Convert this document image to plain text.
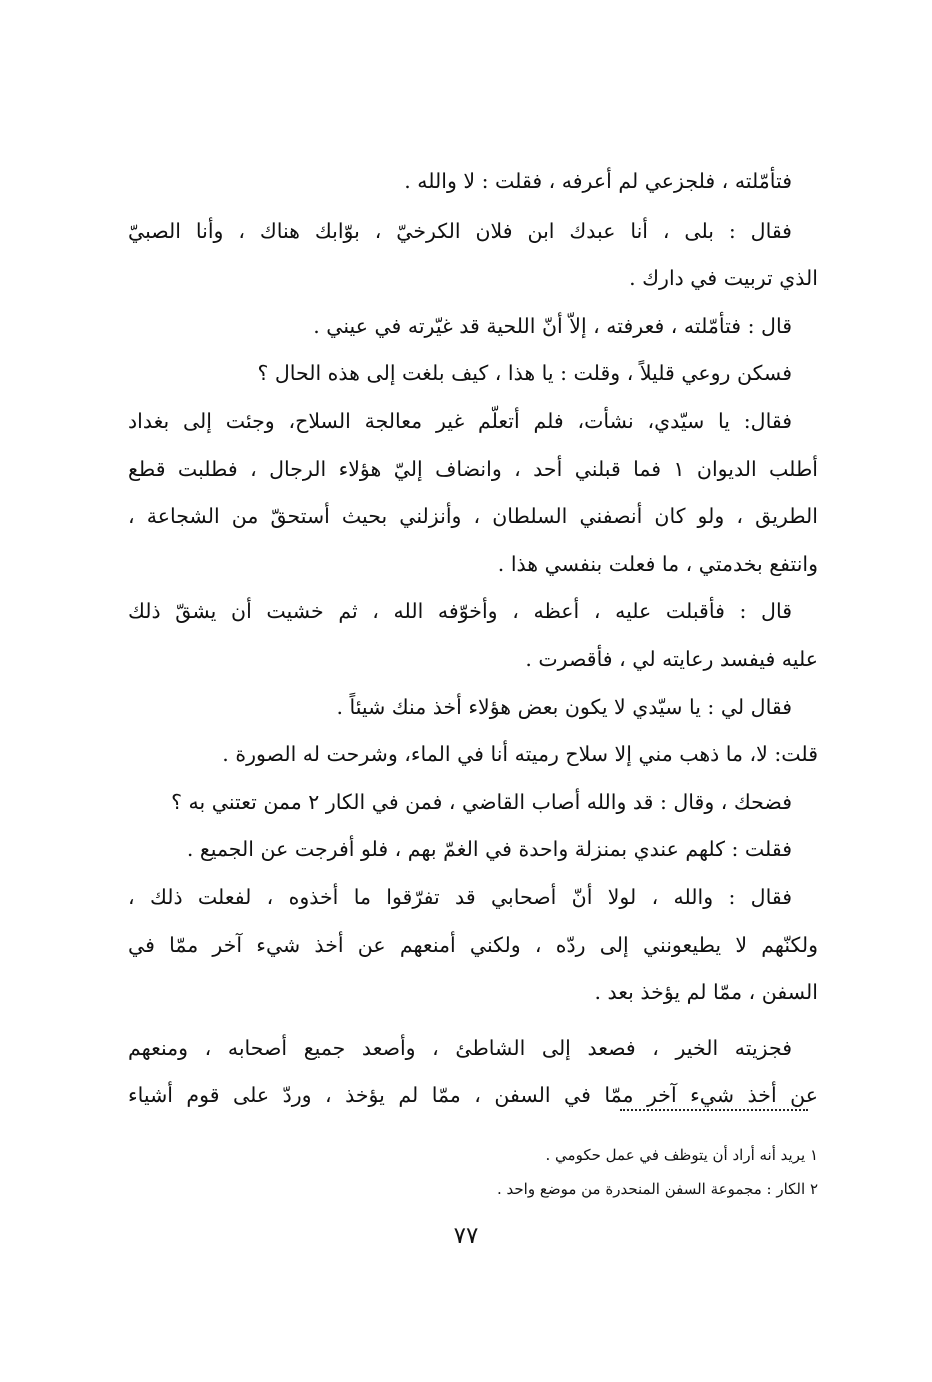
فتأمّلته ، فلجزعي لم أعرفه ، فقلت : لا والله .
فقال : بلى ، أنا عبدك ابن فلان الكرخيّ ، بوّابك هناك ، وأنا الصبيّ
الذي تربيت في دارك .
قال : فتأمّلته ، فعرفته ، إلاّ أنّ اللحية قد غيّرته في عيني .
فسكن روعي قليلاً ، وقلت : يا هذا ، كيف بلغت إلى هذه الحال ؟
فقال: يا سيّدي، نشأت، فلم أتعلّم غير معالجة السلاح، وجئت إلى بغداد
أطلب الديوان ١ فما قبلني أحد ، وانضاف إليّ هؤلاء الرجال ، فطلبت قطع
الطريق ، ولو كان أنصفني السلطان ، وأنزلني بحيث أستحقّ من الشجاعة ،
وانتفع بخدمتي ، ما فعلت بنفسي هذا .
قال : فأقبلت عليه ، أعظه ، وأخوّفه الله ، ثم خشيت أن يشقّ ذلك
عليه فيفسد رعايته لي ، فأقصرت .
فقال لي : يا سيّدي لا يكون بعض هؤلاء أخذ منك شيئاً .
قلت: لا، ما ذهب مني إلا سلاح رميته أنا في الماء، وشرحت له الصورة .
فضحك ، وقال : قد والله أصاب القاضي ، فمن في الكار ٢ ممن تعتني به ؟
فقلت : كلهم عندي بمنزلة واحدة في الغمّ بهم ، فلو أفرجت عن الجميع .
فقال : والله ، لولا أنّ أصحابي قد تفرّقوا ما أخذوه ، لفعلت ذلك ،
ولكنّهم لا يطيعونني إلى ردّه ، ولكني أمنعهم عن أخذ شيء آخر ممّا في
السفن ، ممّا لم يؤخذ بعد .
فجزيته الخير ، فصعد إلى الشاطئ ، وأصعد جميع أصحابه ، ومنعهم
عن أخذ شيء آخر ممّا في السفن ، ممّا لم يؤخذ ، وردّ على قوم أشياء
١ يريد أنه أراد أن يتوظف في عمل حكومي .
٢ الكار : مجموعة السفن المنحدرة من موضع واحد .
٧٧
